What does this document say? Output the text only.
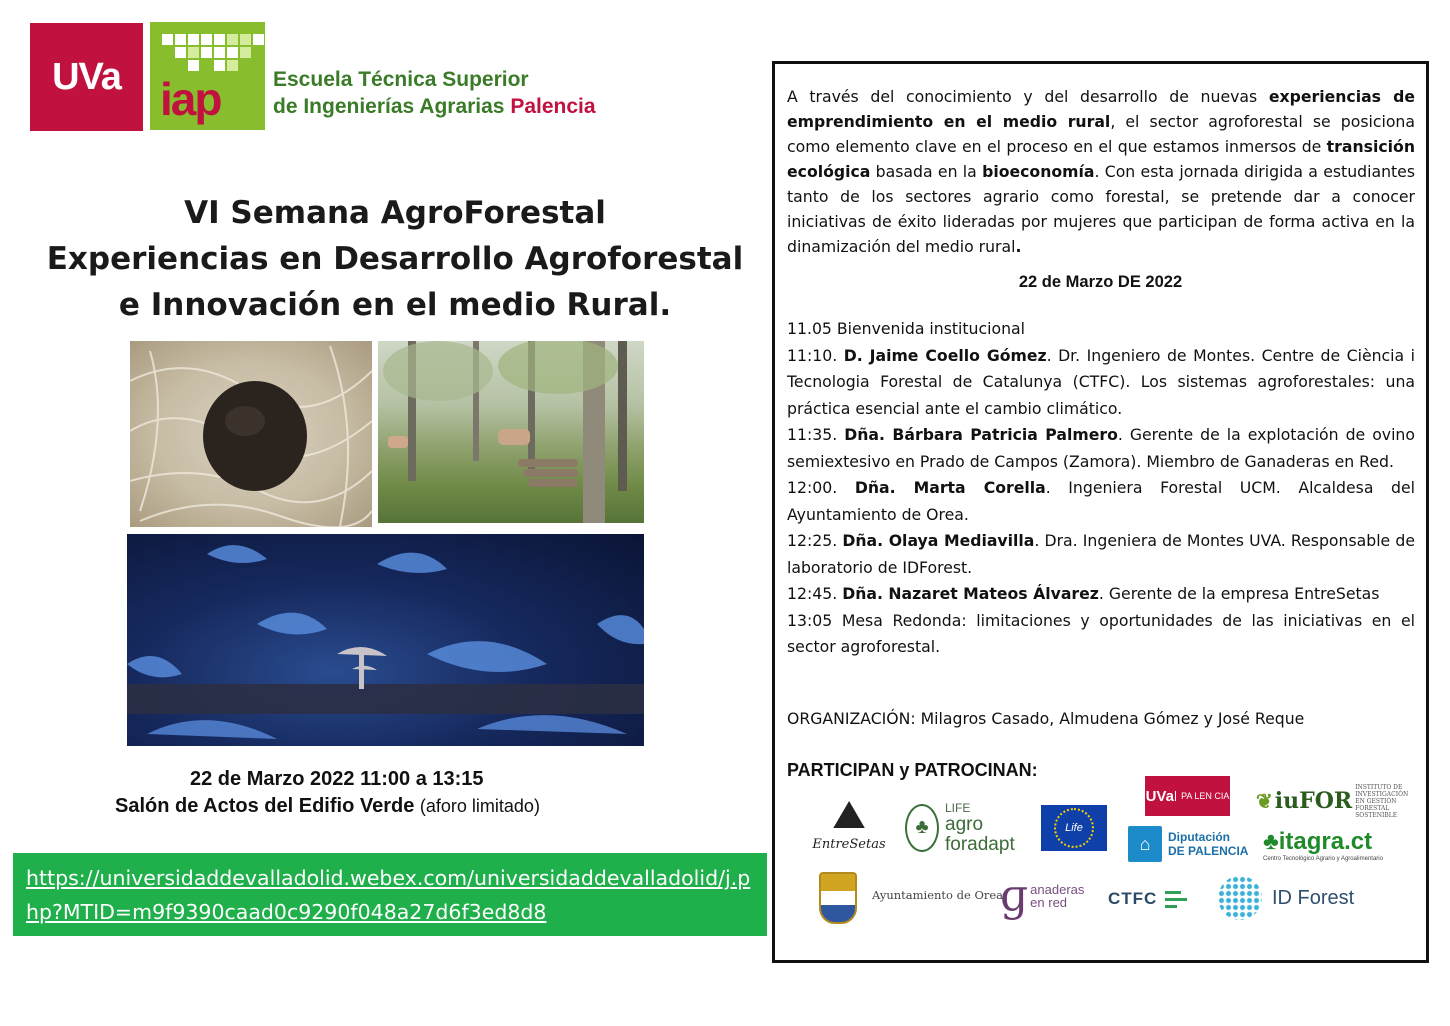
UVa iap	Escuela Técnica Superior
de Ingenierías Agrarias Palencia
VI Semana AgroForestal
Experiencias en Desarrollo Agroforestal
e Innovación en el medio Rural.
22 de Marzo 2022 11:00 a 13:15
Salón de Actos del Edifio Verde (aforo limitado)
https://universidaddevalladolid.webex.com/universidaddevalladolid/j.php?MTID=m9f9390caad0c9290f048a27d6f3ed8d8
A través del conocimiento y del desarrollo de nuevas experiencias de emprendimiento en el medio rural, el sector agroforestal se posiciona como elemento clave en el proceso en el que estamos inmersos de transición ecológica basada en la bioeconomía. Con esta jornada dirigida a estudiantes tanto de los sectores agrario como forestal, se pretende dar a conocer iniciativas de éxito lideradas por mujeres que participan de forma activa en la dinamización del medio rural.
22 de Marzo DE 2022

11.05 Bienvenida institucional

11:10. D. Jaime Coello Gómez. Dr. Ingeniero de Montes. Centre de Ciència i Tecnologia Forestal de Catalunya (CTFC). Los sistemas agroforestales: una práctica esencial ante el cambio climático.

11:35. Dña. Bárbara Patricia Palmero. Gerente de la explotación de ovino semiextesivo en Prado de Campos (Zamora). Miembro de Ganaderas en Red.

12:00. Dña. Marta Corella. Ingeniera Forestal UCM. Alcaldesa del Ayuntamiento de Orea.

12:25. Dña. Olaya Mediavilla. Dra. Ingeniera de Montes UVA. Responsable de laboratorio de IDForest.

12:45. Dña. Nazaret Mateos Álvarez. Gerente de la empresa EntreSetas

13:05 Mesa Redonda: limitaciones y oportunidades de las iniciativas en el sector agroforestal.

ORGANIZACIÓN: Milagros Casado, Almudena Gómez y José Reque
PARTICIPAN y PATROCINAN:
⛰
EntreSetas
♣
LIFE
agro
foradapt
Life
UVa PA LEN CIA ❦ iuFOR
INSTITUTO DE INVESTIGACIÓN EN GESTIÓN FORESTAL SOSTENIBLE
⌂	Diputación
DE PALENCIA ♣itagra.ct
Centro Tecnológico Agrario y Agroalimentario
Ayuntamiento de Orea
ɡ anaderas
en red	CTFC	ID Forest
